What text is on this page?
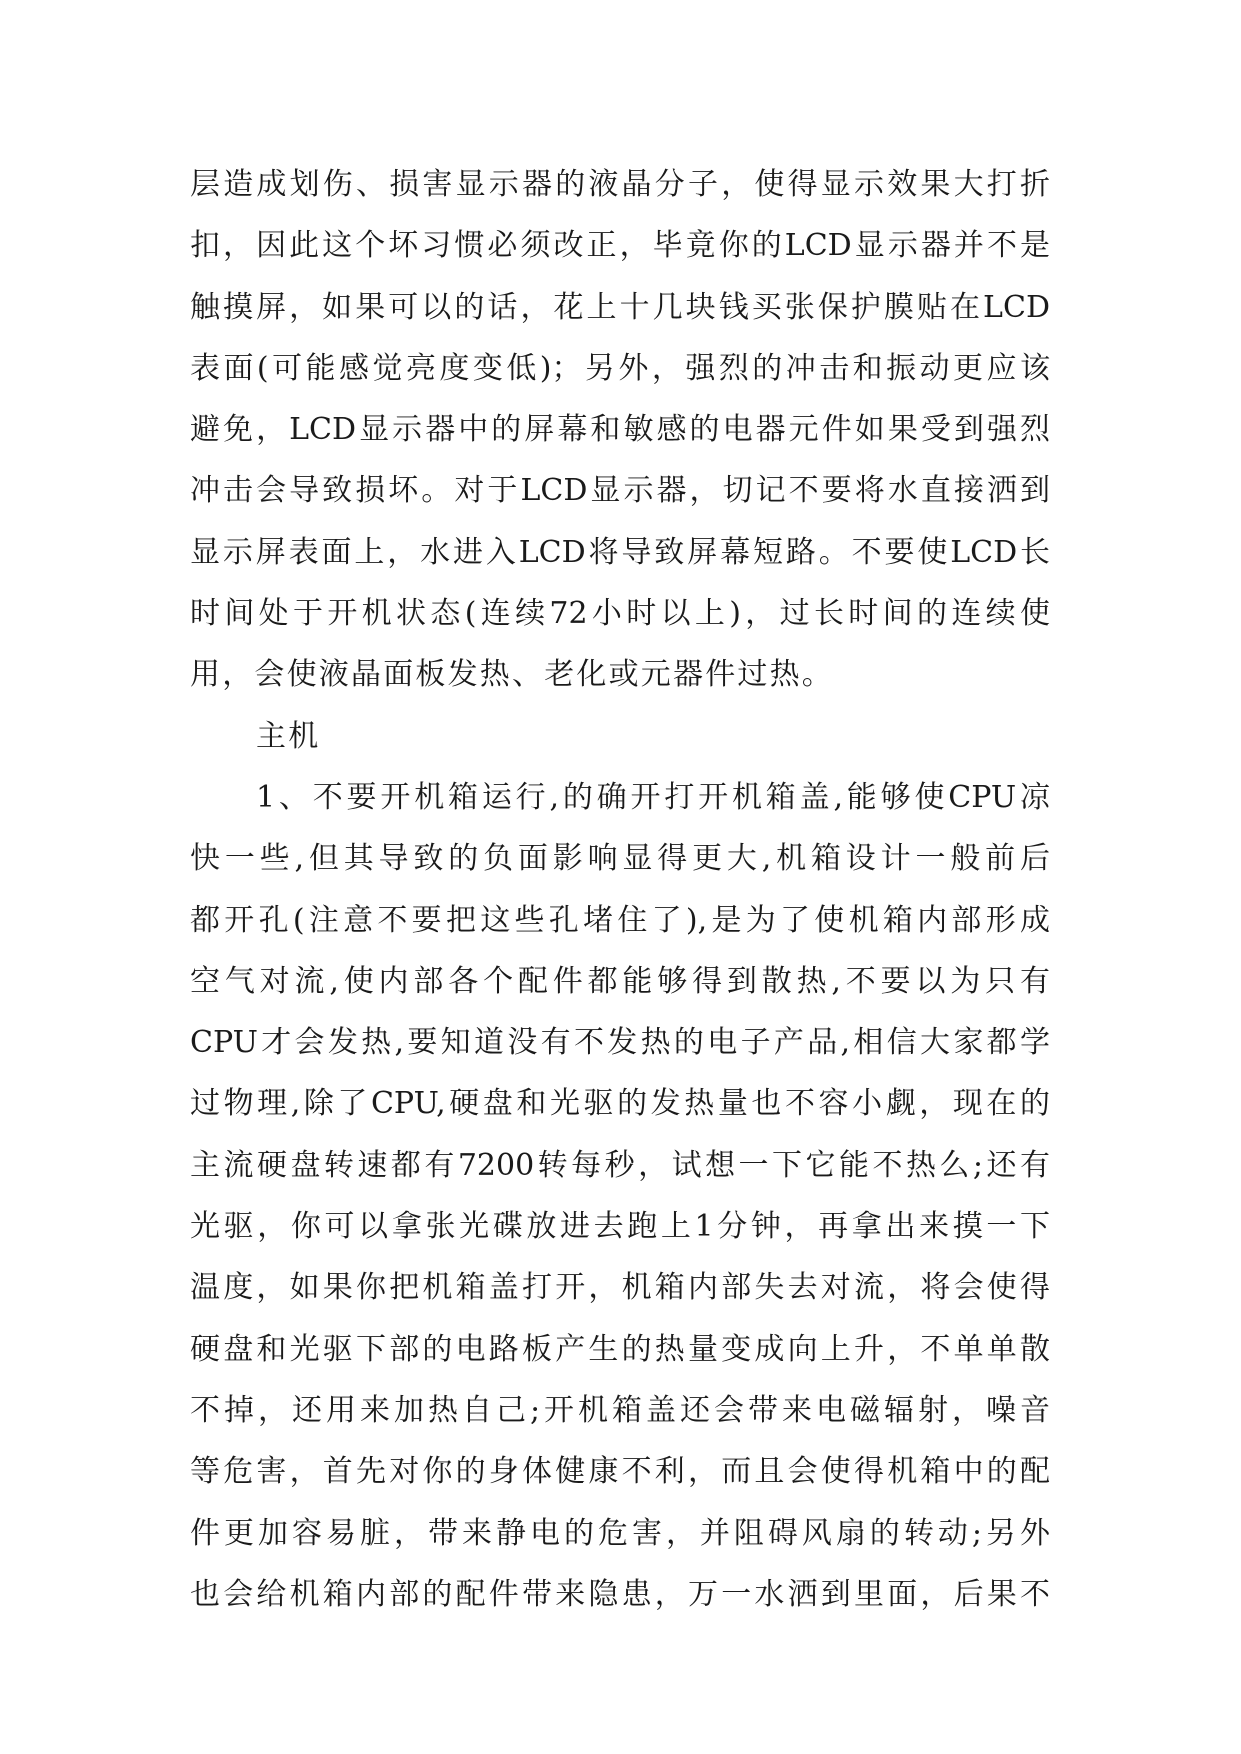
层造成划伤、损害显示器的液晶分子，使得显示效果大打折
扣，因此这个坏习惯必须改正，毕竟你的LCD显示器并不是
触摸屏，如果可以的话，花上十几块钱买张保护膜贴在LCD
表面(可能感觉亮度变低)；另外，强烈的冲击和振动更应该
避免，LCD显示器中的屏幕和敏感的电器元件如果受到强烈
冲击会导致损坏。对于LCD显示器，切记不要将水直接洒到
显示屏表面上，水进入LCD将导致屏幕短路。不要使LCD长
时间处于开机状态(连续72小时以上)，过长时间的连续使
用，会使液晶面板发热、老化或元器件过热。
主机
1、不要开机箱运行,的确开打开机箱盖,能够使CPU凉
快一些,但其导致的负面影响显得更大,机箱设计一般前后
都开孔(注意不要把这些孔堵住了),是为了使机箱内部形成
空气对流,使内部各个配件都能够得到散热,不要以为只有
CPU才会发热,要知道没有不发热的电子产品,相信大家都学
过物理,除了CPU,硬盘和光驱的发热量也不容小觑，现在的
主流硬盘转速都有7200转每秒，试想一下它能不热么;还有
光驱，你可以拿张光碟放进去跑上1分钟，再拿出来摸一下
温度，如果你把机箱盖打开，机箱内部失去对流，将会使得
硬盘和光驱下部的电路板产生的热量变成向上升，不单单散
不掉，还用来加热自己;开机箱盖还会带来电磁辐射，噪音
等危害，首先对你的身体健康不利，而且会使得机箱中的配
件更加容易脏，带来静电的危害，并阻碍风扇的转动;另外
也会给机箱内部的配件带来隐患，万一水洒到里面，后果不
